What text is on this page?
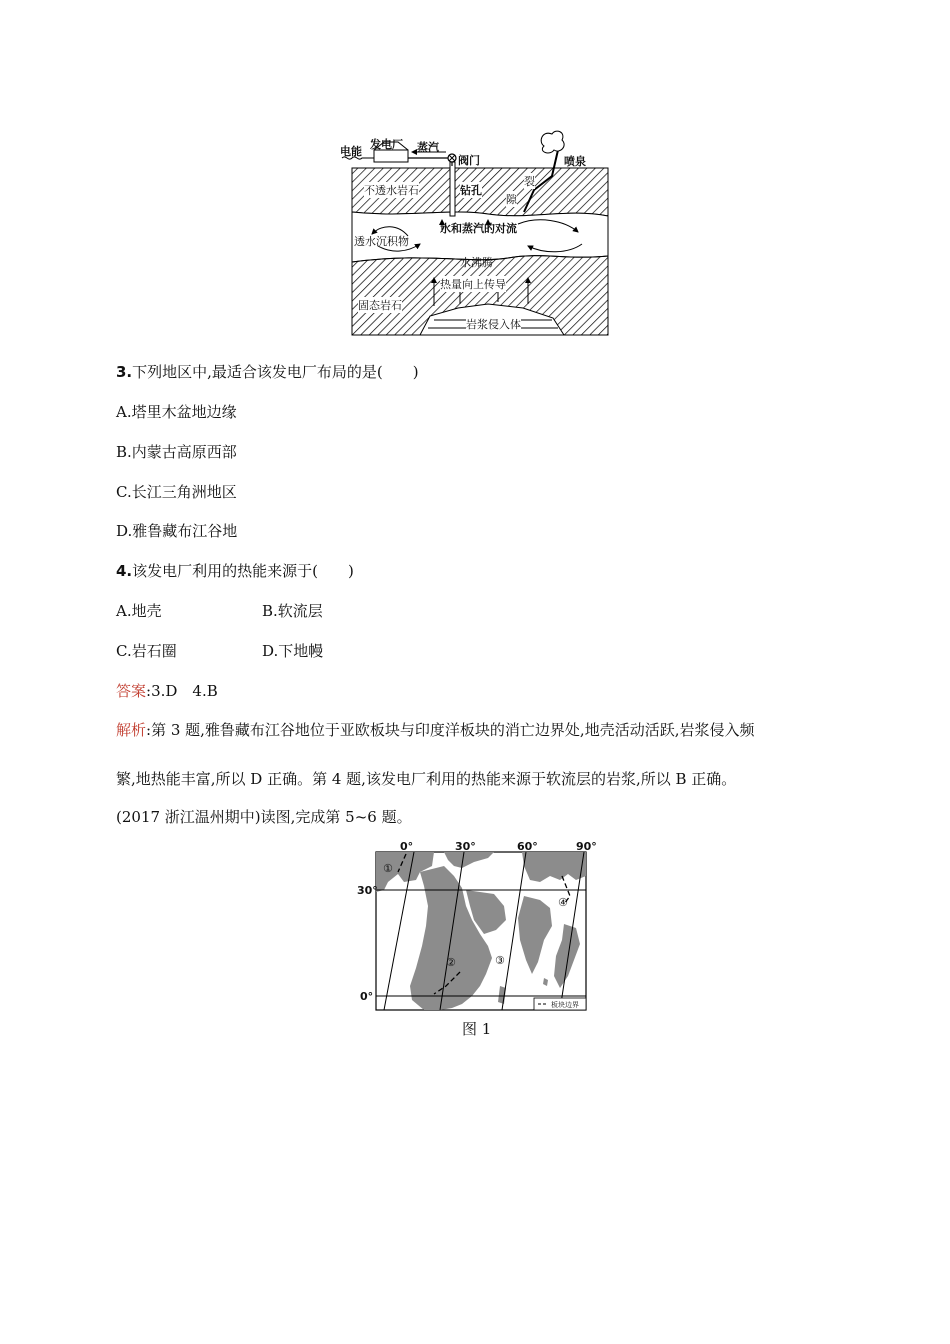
电能
发电厂 蒸汽
阀门	喷泉
不透水岩石	钻孔
裂
隙
透水沉积物
水和蒸汽的对流
水沸腾
热量向上传导
固态岩石
岩浆侵入体
3.下列地区中,最适合该发电厂布局的是(　　)
A.塔里木盆地边缘
B.内蒙古高原西部
C.长江三角洲地区
D.雅鲁藏布江谷地
4.该发电厂利用的热能来源于(　　)
A.地壳	B.软流层
C.岩石圈	D.下地幔
答案:3.D　4.B
解析:第 3 题,雅鲁藏布江谷地位于亚欧板块与印度洋板块的消亡边界处,地壳活动活跃,岩浆侵入频
繁,地热能丰富,所以 D 正确。第 4 题,该发电厂利用的热能来源于软流层的岩浆,所以 B 正确。
(2017 浙江温州期中)读图,完成第 5~6 题。
0°	30°	60°	90°
30°
0°
①
②	③
④
板块边界
图 1
